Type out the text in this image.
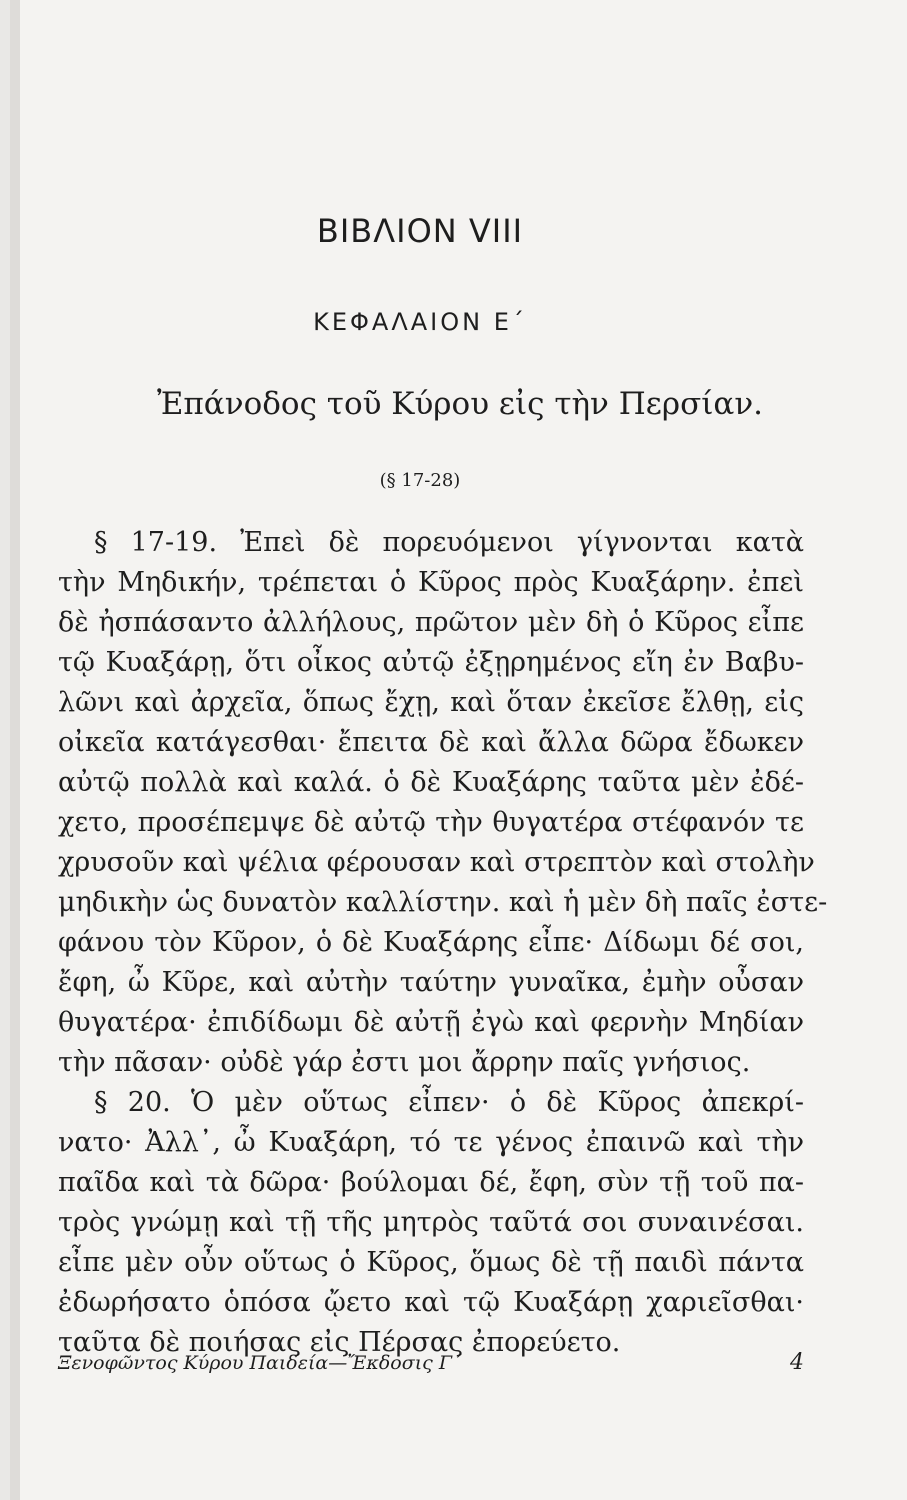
ΒΙΒΛΙΟΝ VIII
ΚΕΦΑΛΑΙΟΝ Ε΄
Ἐπάνοδος τοῦ Κύρου εἰς τὴν Περσίαν.
(§ 17-28)
§ 17-19. Ἐπεὶ δὲ πορευόμενοι γίγνονται κατὰ
τὴν Μηδικήν, τρέπεται ὁ Κῦρος πρὸς Κυαξάρην. ἐπεὶ
δὲ ἠσπάσαντο ἀλλήλους, πρῶτον μὲν δὴ ὁ Κῦρος εἶπε
τῷ Κυαξάρῃ, ὅτι οἶκος αὐτῷ ἐξῃρημένος εἴη ἐν Βαβυ-
λῶνι καὶ ἀρχεῖα, ὅπως ἔχῃ, καὶ ὅταν ἐκεῖσε ἔλθῃ, εἰς
οἰκεῖα κατάγεσθαι· ἔπειτα δὲ καὶ ἄλλα δῶρα ἔδωκεν
αὐτῷ πολλὰ καὶ καλά. ὁ δὲ Κυαξάρης ταῦτα μὲν ἐδέ-
χετο, προσέπεμψε δὲ αὐτῷ τὴν θυγατέρα στέφανόν τε
χρυσοῦν καὶ ψέλια φέρουσαν καὶ στρεπτὸν καὶ στολὴν
μηδικὴν ὡς δυνατὸν καλλίστην. καὶ ἡ μὲν δὴ παῖς ἐστε-
φάνου τὸν Κῦρον, ὁ δὲ Κυαξάρης εἶπε· Δίδωμι δέ σοι,
ἔφη, ὦ Κῦρε, καὶ αὐτὴν ταύτην γυναῖκα, ἐμὴν οὖσαν
θυγατέρα· ἐπιδίδωμι δὲ αὐτῇ ἐγὼ καὶ φερνὴν Μηδίαν
τὴν πᾶσαν· οὐδὲ γάρ ἐστι μοι ἄρρην παῖς γνήσιος.
§ 20. Ὁ μὲν οὕτως εἶπεν· ὁ δὲ Κῦρος ἀπεκρί-
νατο· Ἀλλ᾽, ὦ Κυαξάρη, τό τε γένος ἐπαινῶ καὶ τὴν
παῖδα καὶ τὰ δῶρα· βούλομαι δέ, ἔφη, σὺν τῇ τοῦ πα-
τρὸς γνώμῃ καὶ τῇ τῆς μητρὸς ταῦτά σοι συναινέσαι.
εἶπε μὲν οὖν οὕτως ὁ Κῦρος, ὅμως δὲ τῇ παιδὶ πάντα
ἐδωρήσατο ὁπόσα ᾤετο καὶ τῷ Κυαξάρῃ χαριεῖσθαι·
ταῦτα δὲ ποιήσας εἰς Πέρσας ἐπορεύετο.
Ξενοφῶντος Κύρου Παιδεία—Ἔκδοσις Γ΄	4
